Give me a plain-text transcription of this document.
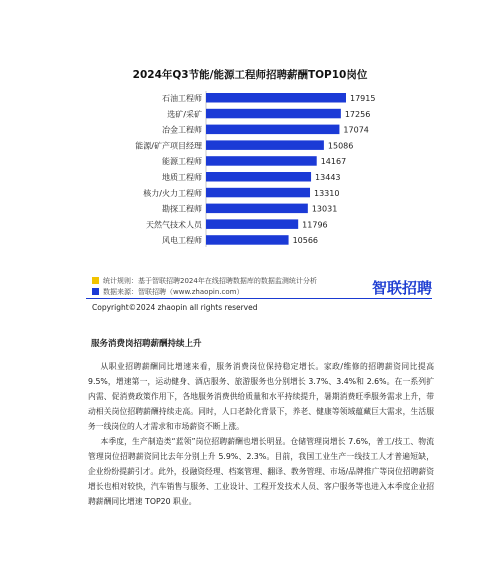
2024年Q3节能/能源工程师招聘薪酬TOP10岗位
石油工程师	17915
选矿/采矿	17256
冶金工程师	17074
能源/矿产项目经理	15086
能源工程师	14167
地质工程师	13443
核力/火力工程师	13310
勘探工程师	13031
天然气技术人员	11796
风电工程师	10566
统计规则：基于智联招聘2024年在线招聘数据库的数据监测统计分析
数据来源：智联招聘（www.zhaopin.com）	智联招聘
Copyright©2024 zhaopin all rights reserved
服务消费岗招聘薪酬持续上升

从职业招聘薪酬同比增速来看，服务消费岗位保持稳定增长。家政/维修的招聘薪资同比提高 9.5%，增速第一，运动健身、酒店服务、旅游服务也分别增长 3.7%、3.4%和 2.6%。在一系列扩内需、促消费政策作用下，各地服务消费供给质量和水平持续提升，暑期消费旺季服务需求上升，带动相关岗位招聘薪酬持续走高。同时，人口老龄化背景下，养老、健康等领域蕴藏巨大需求，生活服务一线岗位的人才需求和市场薪资不断上涨。

本季度，生产制造类“蓝领”岗位招聘薪酬也增长明显。仓储管理岗增长 7.6%，普工/技工、物流管理岗位招聘薪资同比去年分别上升 5.9%、2.3%。目前，我国工业生产一线技工人才普遍短缺，企业纷纷提薪引才。此外，投融资经理、档案管理、翻译、教务管理、市场/品牌推广等岗位招聘薪资增长也相对较快，汽车销售与服务、工业设计、工程开发技术人员、客户服务等也进入本季度企业招聘薪酬同比增速 TOP20 职业。
